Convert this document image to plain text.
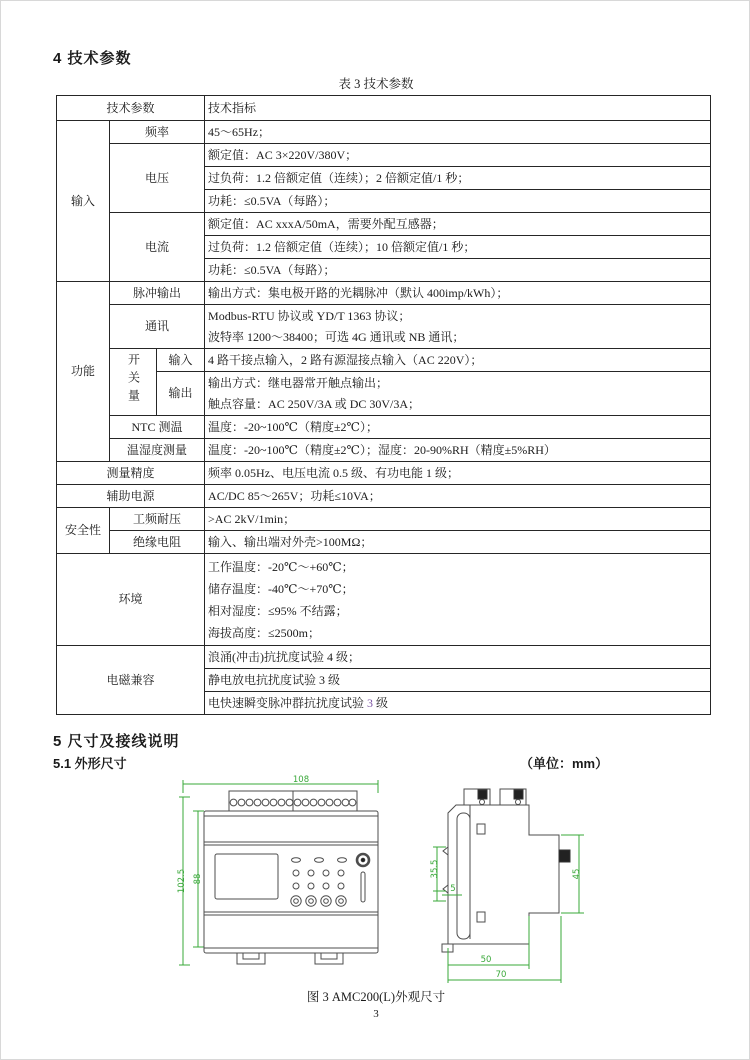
4 技术参数
表 3 技术参数
技术参数			技术指标
输入	频率		45～65Hz；
	电压		额定值：AC 3×220V/380V；
			过负荷：1.2 倍额定值（连续）；2 倍额定值/1 秒；
			功耗：≤0.5VA（每路）；
	电流		额定值：AC xxxA/50mA，需要外配互感器；
			过负荷：1.2 倍额定值（连续）；10 倍额定值/1 秒；
			功耗：≤0.5VA（每路）；
功能	脉冲输出		输出方式：集电极开路的光耦脉冲（默认 400imp/kWh）；
	通讯		Modbus-RTU 协议或 YD/T 1363 协议；
波特率 1200～38400；可选 4G 通讯或 NB 通讯；

	开关量	输入	4 路干接点输入，2 路有源湿接点输入（AC 220V）；
		输出	输出方式：继电器常开触点输出；
触点容量：AC 250V/3A 或 DC 30V/3A；

	NTC 测温		温度：-20~100℃（精度±2℃）；
	温湿度测量		温度：-20~100℃（精度±2℃）；湿度：20-90%RH（精度±5%RH）
测量精度			频率 0.05Hz、电压电流 0.5 级、有功电能 1 级；
辅助电源			AC/DC 85～265V；功耗≤10VA；
安全性	工频耐压		>AC 2kV/1min；
	绝缘电阻		输入、输出端对外壳>100MΩ；
环境			工作温度：-20℃～+60℃；
储存温度：-40℃～+70℃；
相对湿度：≤95% 不结露；
海拔高度：≤2500m；

电磁兼容			浪涌(冲击)抗扰度试验 4 级；
			静电放电抗扰度试验 3 级
			电快速瞬变脉冲群抗扰度试验 3 级
5 尺寸及接线说明
5.1 外形尺寸	（单位：mm）
108
102.5 88
35.5
5
45
50
70
图 3 AMC200(L)外观尺寸
3
